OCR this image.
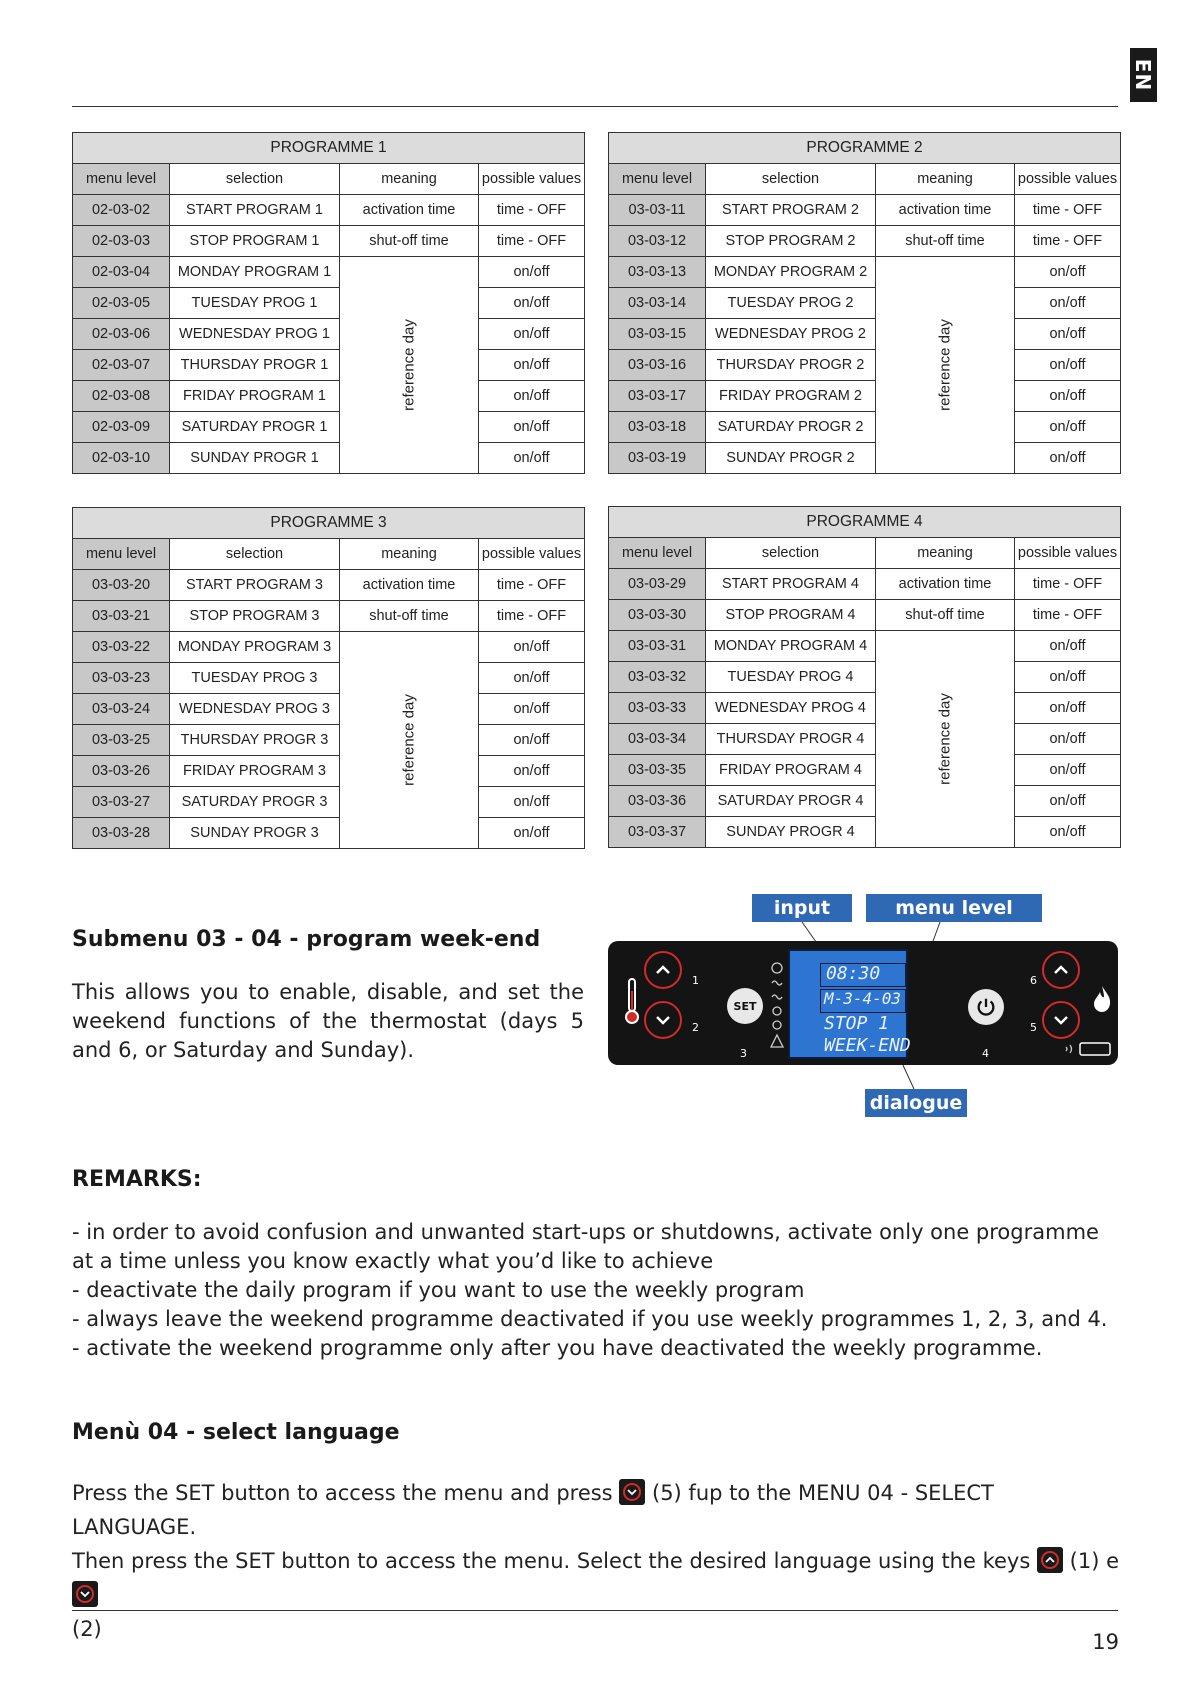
EN
PROGRAMME 1			
menu level	selection	meaning	possible values
02-03-02	START PROGRAM 1	activation time	time - OFF
02-03-03	STOP PROGRAM 1	shut-off time	time - OFF
02-03-04	MONDAY PROGRAM 1	reference day	on/off
02-03-05	TUESDAY PROG 1		on/off
02-03-06	WEDNESDAY PROG 1		on/off
02-03-07	THURSDAY PROGR 1		on/off
02-03-08	FRIDAY PROGRAM 1		on/off
02-03-09	SATURDAY PROGR 1		on/off
02-03-10	SUNDAY PROGR 1		on/off
PROGRAMME 2			
menu level	selection	meaning	possible values
03-03-11	START PROGRAM 2	activation time	time - OFF
03-03-12	STOP PROGRAM 2	shut-off time	time - OFF
03-03-13	MONDAY PROGRAM 2	reference day	on/off
03-03-14	TUESDAY PROG 2		on/off
03-03-15	WEDNESDAY PROG 2		on/off
03-03-16	THURSDAY PROGR 2		on/off
03-03-17	FRIDAY PROGRAM 2		on/off
03-03-18	SATURDAY PROGR 2		on/off
03-03-19	SUNDAY PROGR 2		on/off
PROGRAMME 3			
menu level	selection	meaning	possible values
03-03-20	START PROGRAM 3	activation time	time - OFF
03-03-21	STOP PROGRAM 3	shut-off time	time - OFF
03-03-22	MONDAY PROGRAM 3	reference day	on/off
03-03-23	TUESDAY PROG 3		on/off
03-03-24	WEDNESDAY PROG 3		on/off
03-03-25	THURSDAY PROGR 3		on/off
03-03-26	FRIDAY PROGRAM 3		on/off
03-03-27	SATURDAY PROGR 3		on/off
03-03-28	SUNDAY PROGR 3		on/off
PROGRAMME 4			
menu level	selection	meaning	possible values
03-03-29	START PROGRAM 4	activation time	time - OFF
03-03-30	STOP PROGRAM 4	shut-off time	time - OFF
03-03-31	MONDAY PROGRAM 4	reference day	on/off
03-03-32	TUESDAY PROG 4		on/off
03-03-33	WEDNESDAY PROG 4		on/off
03-03-34	THURSDAY PROGR 4		on/off
03-03-35	FRIDAY PROGRAM 4		on/off
03-03-36	SATURDAY PROGR 4		on/off
03-03-37	SUNDAY PROGR 4		on/off
Submenu 03 - 04 - program week-end
This allows you to enable, disable, and set the weekend functions of the thermostat (days 5 and 6, or Saturday and Sunday).
input	menu level
dialogue
1
2
SET
3
08:30
M-3-4-03
STOP 1
WEEK-END	4
6
5
REMARKS:
- in order to avoid confusion and unwanted start-ups or shutdowns, activate only one programme at a time unless you know exactly what you’d like to achieve
- deactivate the daily program if you want to use the weekly program
- always leave the weekend programme deactivated if you use weekly programmes 1, 2, 3, and 4.
- activate the weekend programme only after you have deactivated the weekly programme.
Menù 04 - select language
Press the SET button to access the menu and press (5) fup to the MENU 04 - SELECT LANGUAGE.
Then press the SET button to access the menu. Select the desired language using the keys (1) e

(2)
19
